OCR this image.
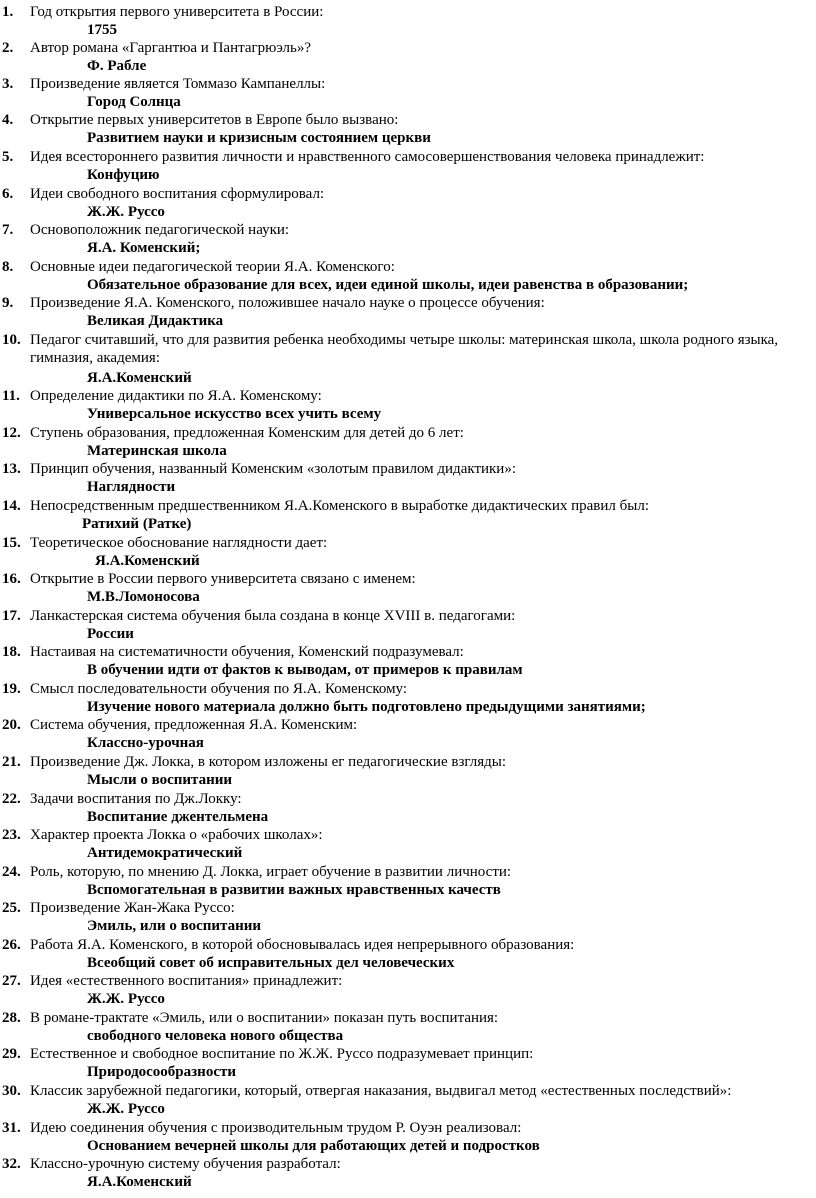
1. Год открытия первого университета в России:
1755
2. Автор романа «Гаргантюа и Пантагрюэль»?
Ф. Рабле
3. Произведение является Томмазо Кампанеллы:
Город Солнца
4. Открытие первых университетов в Европе было вызвано:
Развитием науки и кризисным состоянием церкви
5. Идея всестороннего развития личности и нравственного самосовершенствования человека принадлежит:
Конфуцию
6. Идеи свободного воспитания сформулировал:
Ж.Ж. Руссо
7. Основоположник педагогической науки:
Я.А. Коменский;
8. Основные идеи педагогической теории Я.А. Коменского:
Обязательное образование для всех, идеи единой школы, идеи равенства в образовании;
9. Произведение Я.А. Коменского, положившее начало науке о процессе обучения:
Великая Дидактика
10. Педагог считавший, что для развития ребенка необходимы четыре школы: материнская школа, школа родного языка, гимназия, академия:
Я.А.Коменский
11. Определение дидактики по Я.А. Коменскому:
Универсальное искусство всех учить всему
12. Ступень образования, предложенная Коменским для детей до 6 лет:
Материнская школа
13. Принцип обучения, названный Коменским «золотым правилом дидактики»:
Наглядности
14. Непосредственным предшественником Я.А.Коменского в выработке дидактических правил был:
Ратихий (Ратке)
15. Теоретическое обоснование наглядности дает:
Я.А.Коменский
16. Открытие в России первого университета связано с именем:
М.В.Ломоносова
17. Ланкастерская система обучения была создана в конце XVIII в. педагогами:
России
18. Настаивая на систематичности обучения, Коменский подразумевал:
В обучении идти от фактов к выводам, от примеров к правилам
19. Смысл последовательности обучения по Я.А. Коменскому:
Изучение нового материала должно быть подготовлено предыдущими занятиями;
20. Система обучения, предложенная Я.А. Коменским:
Классно-урочная
21. Произведение Дж. Локка, в котором изложены ег педагогические взгляды:
Мысли о воспитании
22. Задачи воспитания по Дж.Локку:
Воспитание джентельмена
23. Характер проекта Локка о «рабочих школах»:
Антидемократический
24. Роль, которую, по мнению Д. Локка, играет обучение в развитии личности:
Вспомогательная в развитии важных нравственных качеств
25. Произведение Жан-Жака Руссо:
Эмиль, или о воспитании
26. Работа Я.А. Коменского, в которой обосновывалась идея непрерывного образования:
Всеобщий совет об исправительных дел человеческих
27. Идея «естественного воспитания» принадлежит:
Ж.Ж. Руссо
28. В романе-трактате «Эмиль, или о воспитании» показан путь воспитания:
свободного человека нового общества
29. Естественное и свободное воспитание по Ж.Ж. Руссо подразумевает принцип:
Природосообразности
30. Классик зарубежной педагогики, который, отвергая наказания, выдвигал метод «естественных последствий»:
Ж.Ж. Руссо
31. Идею соединения обучения с производительным трудом Р. Оуэн реализовал:
Основанием вечерней школы для работающих детей и подростков
32. Классно-урочную систему обучения разработал:
Я.А.Коменский
